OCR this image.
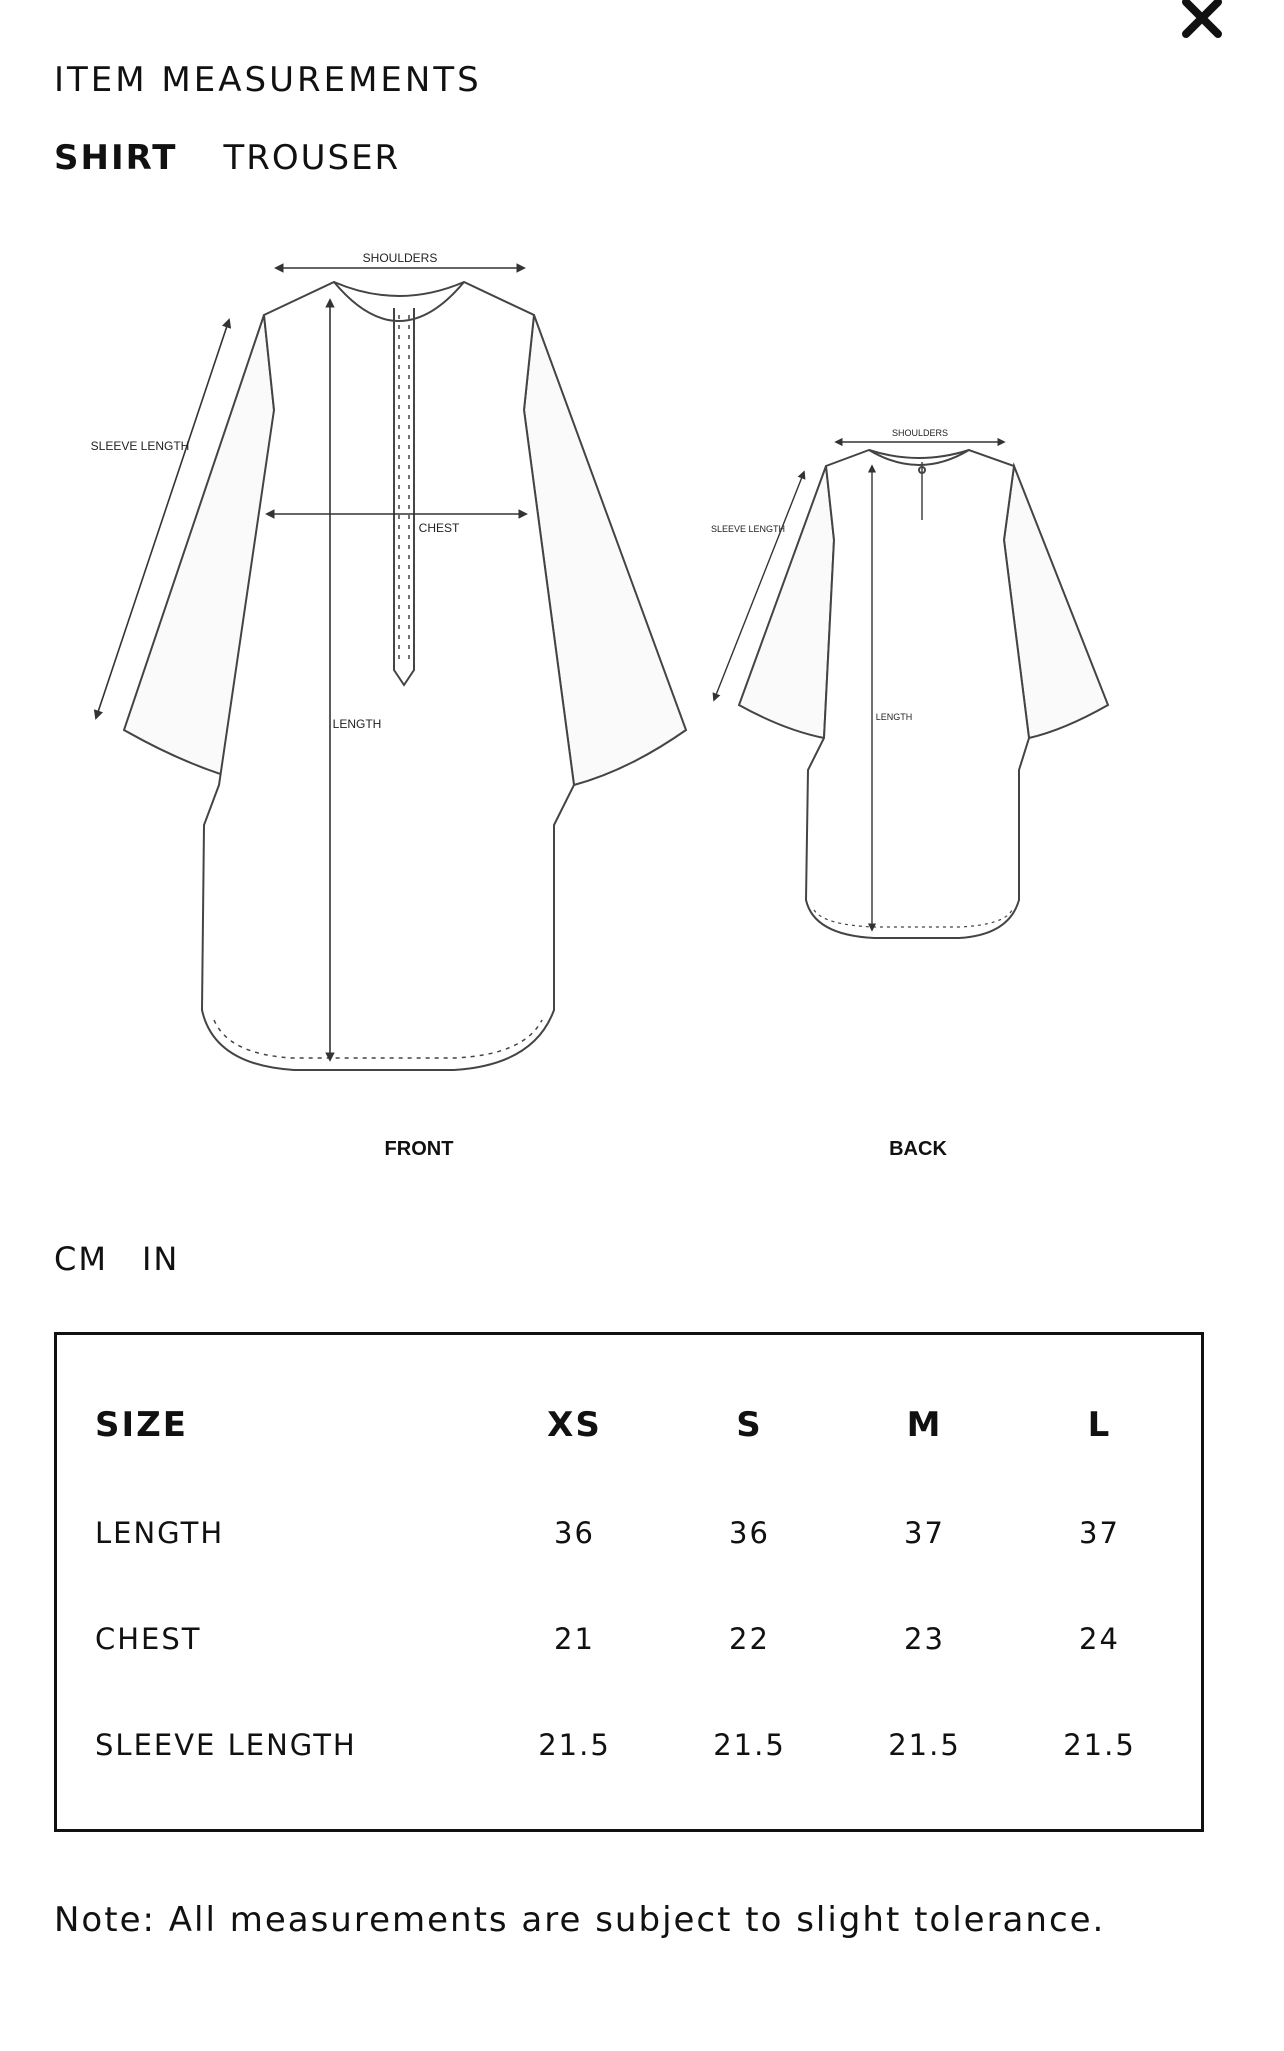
ITEM MEASUREMENTS
SHIRT TROUSER
SHOULDERS
SLEEVE LENGTH
CHEST
LENGTH
FRONT
SHOULDERS
SLEEVE LENGTH
LENGTH
BACK
CM IN
SIZE	XS	S	M	L
LENGTH	36	36	37	37
CHEST	21	22	23	24
SLEEVE LENGTH	21.5	21.5	21.5	21.5
Note: All measurements are subject to slight tolerance.
